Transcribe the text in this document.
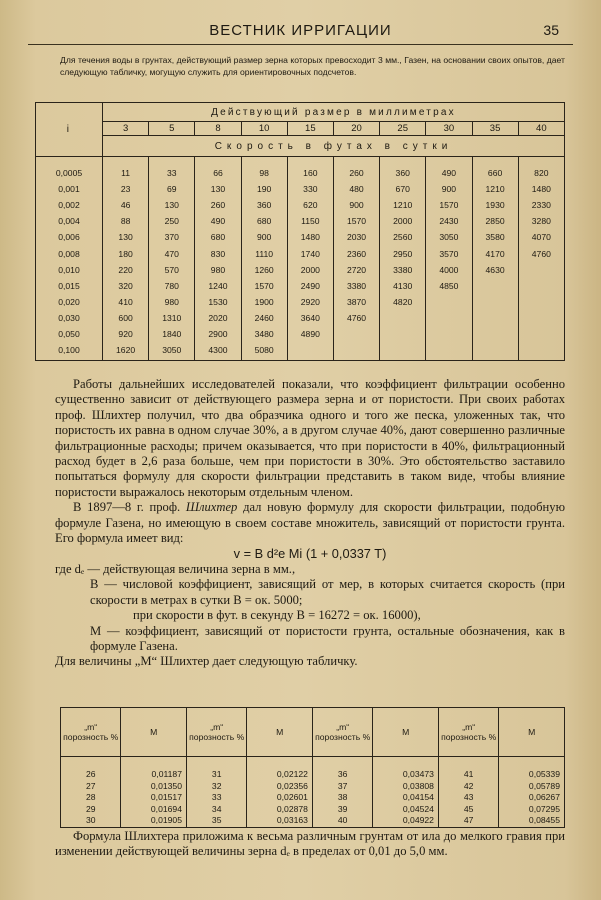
ВЕСТНИК ИРРИГАЦИИ	35
Для течения воды в грунтах, действующий размер зерна которых превосходит 3 мм., Газен, на основании своих опытов, дает следующую табличку, могущую служить для ориентировочных подсчетов.
i	Действующий размер в миллиметрах									
	3	5	8	10	15	20	25	30	35	40
	Скорость в футах в сутки									
0,0005	11	33	66	98	160	260	360	490	660	820
0,001	23	69	130	190	330	480	670	900	1210	1480
0,002	46	130	260	360	620	900	1210	1570	1930	2330
0,004	88	250	490	680	1150	1570	2000	2430	2850	3280
0,006	130	370	680	900	1480	2030	2560	3050	3580	4070
0,008	180	470	830	1110	1740	2360	2950	3570	4170	4760
0,010	220	570	980	1260	2000	2720	3380	4000	4630	
0,015	320	780	1240	1570	2490	3380	4130	4850		
0,020	410	980	1530	1900	2920	3870	4820			
0,030	600	1310	2020	2460	3640	4760				
0,050	920	1840	2900	3480	4890					
0,100	1620	3050	4300	5080						

Работы дальнейших исследователей показали, что коэффициент фильтрации особенно существенно зависит от действующего размера зерна и от пористости. При своих работах проф. Шлихтер получил, что два образчика одного и того же песка, уложенных так, что пористость их равна в одном случае 30%, а в другом случае 40%, дают совершенно различные фильтрационные расходы; причем оказывается, что при пористости в 40%, фильтрационный расход будет в 2,6 раза больше, чем при пористости в 30%. Это обстоятельство заставило попытаться формулу для скорости фильтрации представить в таком виде, чтобы влияние пористости выражалось некоторым отдельным членом.

В 1897—8 г. проф. Шлихтер дал новую формулу для скорости фильтрации, подобную формуле Газена, но имеющую в своем составе множитель, зависящий от пористости грунта. Его формула имеет вид:

v = B d²e Mi (1 + 0,0337 T)

где dₑ — действующая величина зерна в мм.,

B — числовой коэффициент, зависящий от мер, в которых считается скорость (при скорости в метрах в сутки B = ок. 5000;

при скорости в фут. в секунду B = 16272 = ок. 16000),

M — коэффициент, зависящий от пористости грунта, остальные обозначения, как в формуле Газена.

Для величины „M“ Шлихтер дает следующую табличку.

„m“ порозность %	M	„m“ порозность %	M	„m“ порозность %	M	„m“ порозность %	M
26	0,01187	31	0,02122	36	0,03473	41	0,05339
27	0,01350	32	0,02356	37	0,03808	42	0,05789
28	0,01517	33	0,02601	38	0,04154	43	0,06267
29	0,01694	34	0,02878	39	0,04524	45	0,07295
30	0,01905	35	0,03163	40	0,04922	47	0,08455

Формула Шлихтера приложима к весьма различным грунтам от ила до мелкого гравия при изменении действующей величины зерна dₑ в пределах от 0,01 до 5,0 мм.
